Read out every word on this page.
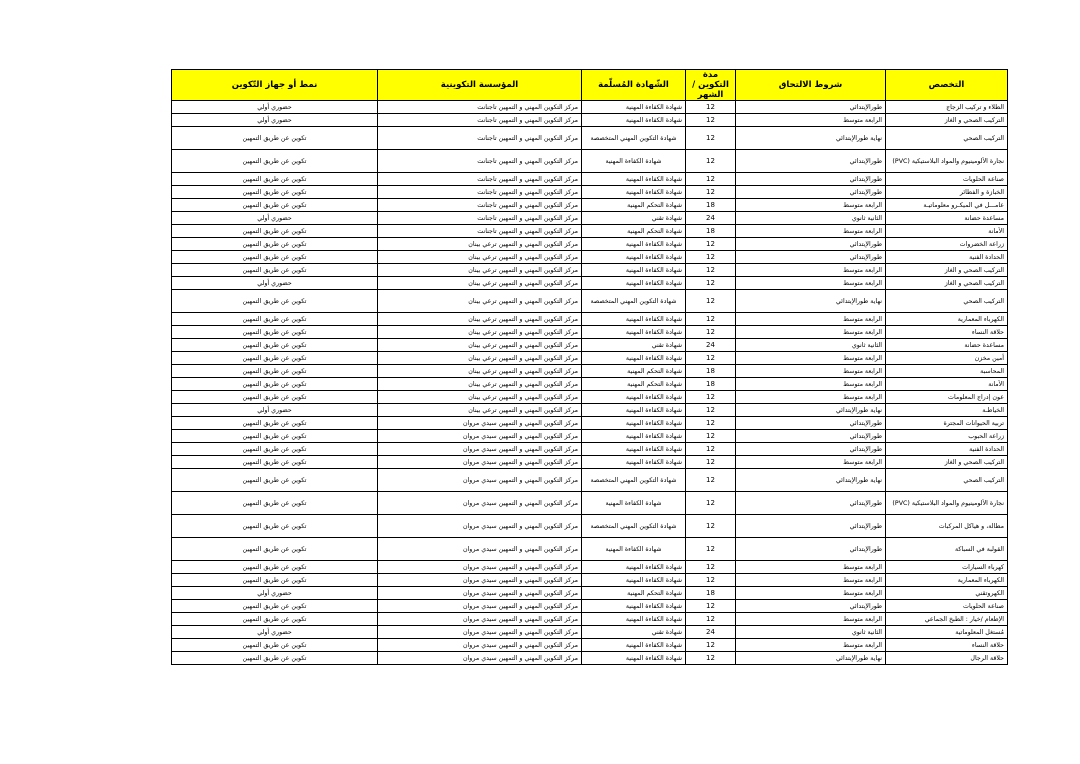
التخصص	شروط الالتحاق	مدة التكوين /الشهر	الشّهادة المُسلّمة	المؤسسة التكوينية	نمط أو جهاز التّكوين
الطلاء و تركيب الزجاج	طورالإبتدائي	12	شهادة الكفاءة المهنية	مركز التكوين المهني و التمهين تاجنانت	حضوري أولي
التركيب الصحي و الغاز	الرابعة متوسط	12	شهادة الكفاءة المهنية	مركز التكوين المهني و التمهين تاجنانت	حضوري أولي
التركيب الصحي	نهاية طورالإبتدائي	12	شهادة التكوين المهني المتخصصة	مركز التكوين المهني و التمهين تاجنانت	تكوين عن طريق التمهين
نجارة الألومينيوم والمواد البلاستيكية (PVC)	طورالإبتدائي	12	شهادة الكفاءة المهنية	مركز التكوين المهني و التمهين تاجنانت	تكوين عن طريق التمهين
صناعة الحلويات	طورالإبتدائي	12	شهادة الكفاءة المهنية	مركز التكوين المهني و التمهين تاجنانت	تكوين عن طريق التمهين
الخبازة و الفطائر	طورالإبتدائي	12	شهادة الكفاءة المهنية	مركز التكوين المهني و التمهين تاجنانت	تكوين عن طريق التمهين
عامـــل في الميكـرو معلوماتيـة	الرابعة متوسط	18	شهادة التحكم المهنية	مركز التكوين المهني و التمهين تاجنانت	تكوين عن طريق التمهين
مساعدة حضانة	الثانية ثانوي	24	شهادة تقني	مركز التكوين المهني و التمهين تاجنانت	حضوري أولي
الأمانة	الرابعة متوسط	18	شهادة التحكم المهنية	مركز التكوين المهني و التمهين تاجنانت	تكوين عن طريق التمهين
زراعة الخضروات	طورالإبتدائي	12	شهادة الكفاءة المهنية	مركز التكوين المهني و التمهين ترعي بينان	تكوين عن طريق التمهين
الحدادة الفنية	طورالإبتدائي	12	شهادة الكفاءة المهنية	مركز التكوين المهني و التمهين ترعي بينان	تكوين عن طريق التمهين
التركيب الصحي و الغاز	الرابعة متوسط	12	شهادة الكفاءة المهنية	مركز التكوين المهني و التمهين ترعي بينان	تكوين عن طريق التمهين
التركيب الصحي و الغاز	الرابعة متوسط	12	شهادة الكفاءة المهنية	مركز التكوين المهني و التمهين ترعي بينان	حضوري أولي
التركيب الصحي	نهاية طورالإبتدائي	12	شهادة التكوين المهني المتخصصة	مركز التكوين المهني و التمهين ترعي بينان	تكوين عن طريق التمهين
الكهرباء المعمارية	الرابعة متوسط	12	شهادة الكفاءة المهنية	مركز التكوين المهني و التمهين ترعي بينان	تكوين عن طريق التمهين
حلاقة النساء	الرابعة متوسط	12	شهادة الكفاءة المهنية	مركز التكوين المهني و التمهين ترعي بينان	تكوين عن طريق التمهين
مساعدة حضانة	الثانية ثانوي	24	شهادة تقني	مركز التكوين المهني و التمهين ترعي بينان	تكوين عن طريق التمهين
أمين مخزن	الرابعة متوسط	12	شهادة الكفاءة المهنية	مركز التكوين المهني و التمهين ترعي بينان	تكوين عن طريق التمهين
المحاسبة	الرابعة متوسط	18	شهادة التحكم المهنية	مركز التكوين المهني و التمهين ترعي بينان	تكوين عن طريق التمهين
الأمانة	الرابعة متوسط	18	شهادة التحكم المهنية	مركز التكوين المهني و التمهين ترعي بينان	تكوين عن طريق التمهين
عون إدراج المعلومات	الرابعة متوسط	12	شهادة الكفاءة المهنية	مركز التكوين المهني و التمهين ترعي بينان	تكوين عن طريق التمهين
الخياطـة	نهاية طورالإبتدائي	12	شهادة الكفاءة المهنية	مركز التكوين المهني و التمهين ترعي بينان	حضوري أولي
تربية الحيوانات المجترة	طورالإبتدائي	12	شهادة الكفاءة المهنية	مركز التكوين المهني و التمهين سيدي مروان	تكوين عن طريق التمهين
زراعة الحبوب	طورالإبتدائي	12	شهادة الكفاءة المهنية	مركز التكوين المهني و التمهين سيدي مروان	تكوين عن طريق التمهين
الحدادة الفنية	طورالإبتدائي	12	شهادة الكفاءة المهنية	مركز التكوين المهني و التمهين سيدي مروان	تكوين عن طريق التمهين
التركيب الصحي و الغاز	الرابعة متوسط	12	شهادة الكفاءة المهنية	مركز التكوين المهني و التمهين سيدي مروان	تكوين عن طريق التمهين
التركيب الصحي	نهاية طورالإبتدائي	12	شهادة التكوين المهني المتخصصة	مركز التكوين المهني و التمهين سيدي مروان	تكوين عن طريق التمهين
نجارة الألومينيوم والمواد البلاستيكية (PVC)	طورالإبتدائي	12	شهادة الكفاءة المهنية	مركز التكوين المهني و التمهين سيدي مروان	تكوين عن طريق التمهين
مطالة، و هياكل المركبات	طورالإبتدائي	12	شهادة التكوين المهني المتخصصة	مركز التكوين المهني و التمهين سيدي مروان	تكوين عن طريق التمهين
القولبة في السباكة	طورالإبتدائي	12	شهادة الكفاءة المهنية	مركز التكوين المهني و التمهين سيدي مروان	تكوين عن طريق التمهين
كهرباء السيارات	الرابعة متوسط	12	شهادة الكفاءة المهنية	مركز التكوين المهني و التمهين سيدي مروان	تكوين عن طريق التمهين
الكهرباء المعمارية	الرابعة متوسط	12	شهادة الكفاءة المهنية	مركز التكوين المهني و التمهين سيدي مروان	تكوين عن طريق التمهين
الكهروتقني	الرابعة متوسط	18	شهادة التحكم المهنية	مركز التكوين المهني و التمهين سيدي مروان	حضوري أولي
صناعة الحلويات	طورالإبتدائي	12	شهادة الكفاءة المهنية	مركز التكوين المهني و التمهين سيدي مروان	تكوين عن طريق التمهين
الإطعام /خيار : الطبخ الجماعي	الرابعة متوسط	12	شهادة الكفاءة المهنية	مركز التكوين المهني و التمهين سيدي مروان	تكوين عن طريق التمهين
مُستغل المعلوماتية	الثانية ثانوي	24	شهادة تقني	مركز التكوين المهني و التمهين سيدي مروان	حضوري أولي
حلاقة النساء	الرابعة متوسط	12	شهادة الكفاءة المهنية	مركز التكوين المهني و التمهين سيدي مروان	تكوين عن طريق التمهين
حلاقة الرجال	نهاية طورالإبتدائي	12	شهادة الكفاءة المهنية	مركز التكوين المهني و التمهين سيدي مروان	تكوين عن طريق التمهين
